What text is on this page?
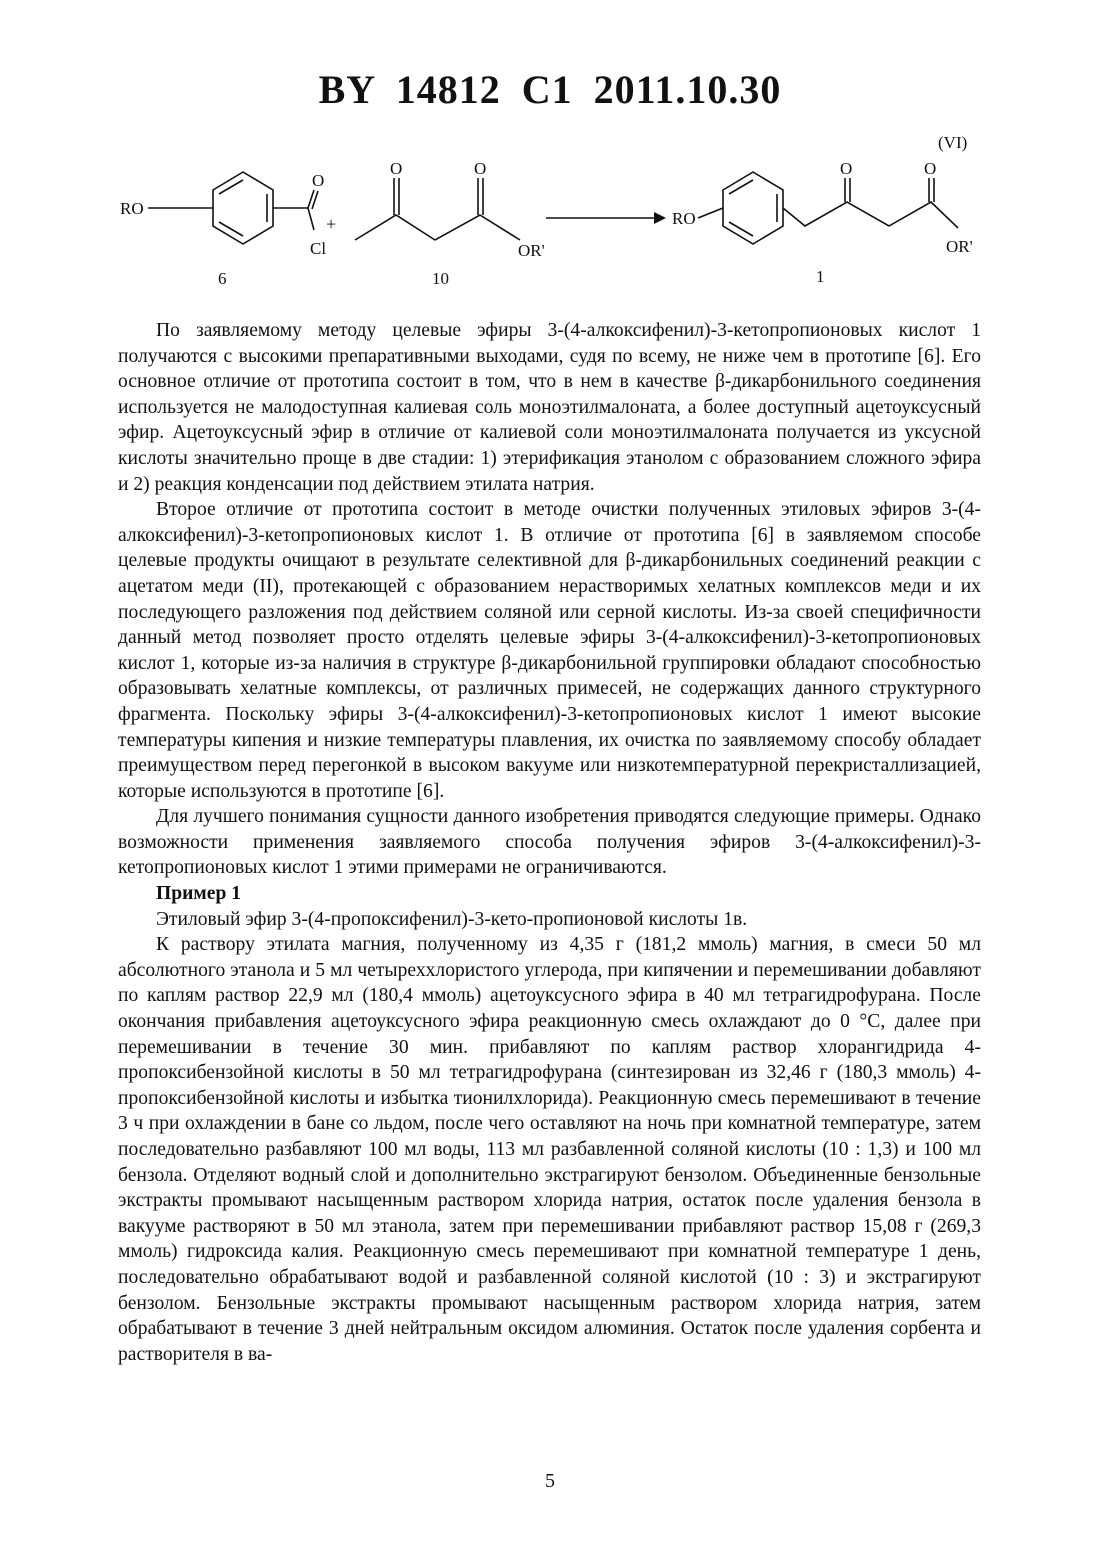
BY 14812 C1 2011.10.30
(VI)
RO
O
Cl
+
6
O	O
OR'
10
RO
O	O
OR'
1

По заявляемому методу целевые эфиры 3-(4-алкоксифенил)-3-кетопропионовых кислот 1 получаются с высокими препаративными выходами, судя по всему, не ниже чем в прототипе [6]. Его основное отличие от прототипа состоит в том, что в нем в качестве β-дикарбонильного соединения используется не малодоступная калиевая соль моноэтилмалоната, а более доступный ацетоуксусный эфир. Ацетоуксусный эфир в отличие от калиевой соли моноэтилмалоната получается из уксусной кислоты значительно проще в две стадии: 1) этерификация этанолом с образованием сложного эфира и 2) реакция конденсации под действием этилата натрия.

Второе отличие от прототипа состоит в методе очистки полученных этиловых эфиров 3-(4-алкоксифенил)-3-кетопропионовых кислот 1. В отличие от прототипа [6] в заявляемом способе целевые продукты очищают в результате селективной для β-дикарбонильных соединений реакции с ацетатом меди (II), протекающей с образованием нерастворимых хелатных комплексов меди и их последующего разложения под действием соляной или серной кислоты. Из-за своей специфичности данный метод позволяет просто отделять целевые эфиры 3-(4-алкоксифенил)-3-кетопропионовых кислот 1, которые из-за наличия в структуре β-дикарбонильной группировки обладают способностью образовывать хелатные комплексы, от различных примесей, не содержащих данного структурного фрагмента. Поскольку эфиры 3-(4-алкоксифенил)-3-кетопропионовых кислот 1 имеют высокие температуры кипения и низкие температуры плавления, их очистка по заявляемому способу обладает преимуществом перед перегонкой в высоком вакууме или низкотемпературной перекристаллизацией, которые используются в прототипе [6].

Для лучшего понимания сущности данного изобретения приводятся следующие примеры. Однако возможности применения заявляемого способа получения эфиров 3-(4-алкоксифенил)-3-кетопропионовых кислот 1 этими примерами не ограничиваются.

Пример 1

Этиловый эфир 3-(4-пропоксифенил)-3-кето-пропионовой кислоты 1в.

К раствору этилата магния, полученному из 4,35 г (181,2 ммоль) магния, в смеси 50 мл абсолютного этанола и 5 мл четыреххлористого углерода, при кипячении и перемешивании добавляют по каплям раствор 22,9 мл (180,4 ммоль) ацетоуксусного эфира в 40 мл тетрагидрофурана. После окончания прибавления ацетоуксусного эфира реакционную смесь охлаждают до 0 °C, далее при перемешивании в течение 30 мин. прибавляют по каплям раствор хлорангидрида 4-пропоксибензойной кислоты в 50 мл тетрагидрофурана (синтезирован из 32,46 г (180,3 ммоль) 4-пропоксибензойной кислоты и избытка тионилхлорида). Реакционную смесь перемешивают в течение 3 ч при охлаждении в бане со льдом, после чего оставляют на ночь при комнатной температуре, затем последовательно разбавляют 100 мл воды, 113 мл разбавленной соляной кислоты (10 : 1,3) и 100 мл бензола. Отделяют водный слой и дополнительно экстрагируют бензолом. Объединенные бензольные экстракты промывают насыщенным раствором хлорида натрия, остаток после удаления бензола в вакууме растворяют в 50 мл этанола, затем при перемешивании прибавляют раствор 15,08 г (269,3 ммоль) гидроксида калия. Реакционную смесь перемешивают при комнатной температуре 1 день, последовательно обрабатывают водой и разбавленной соляной кислотой (10 : 3) и экстрагируют бензолом. Бензольные экстракты промывают насыщенным раствором хлорида натрия, затем обрабатывают в течение 3 дней нейтральным оксидом алюминия. Остаток после удаления сорбента и растворителя в ва-

5
